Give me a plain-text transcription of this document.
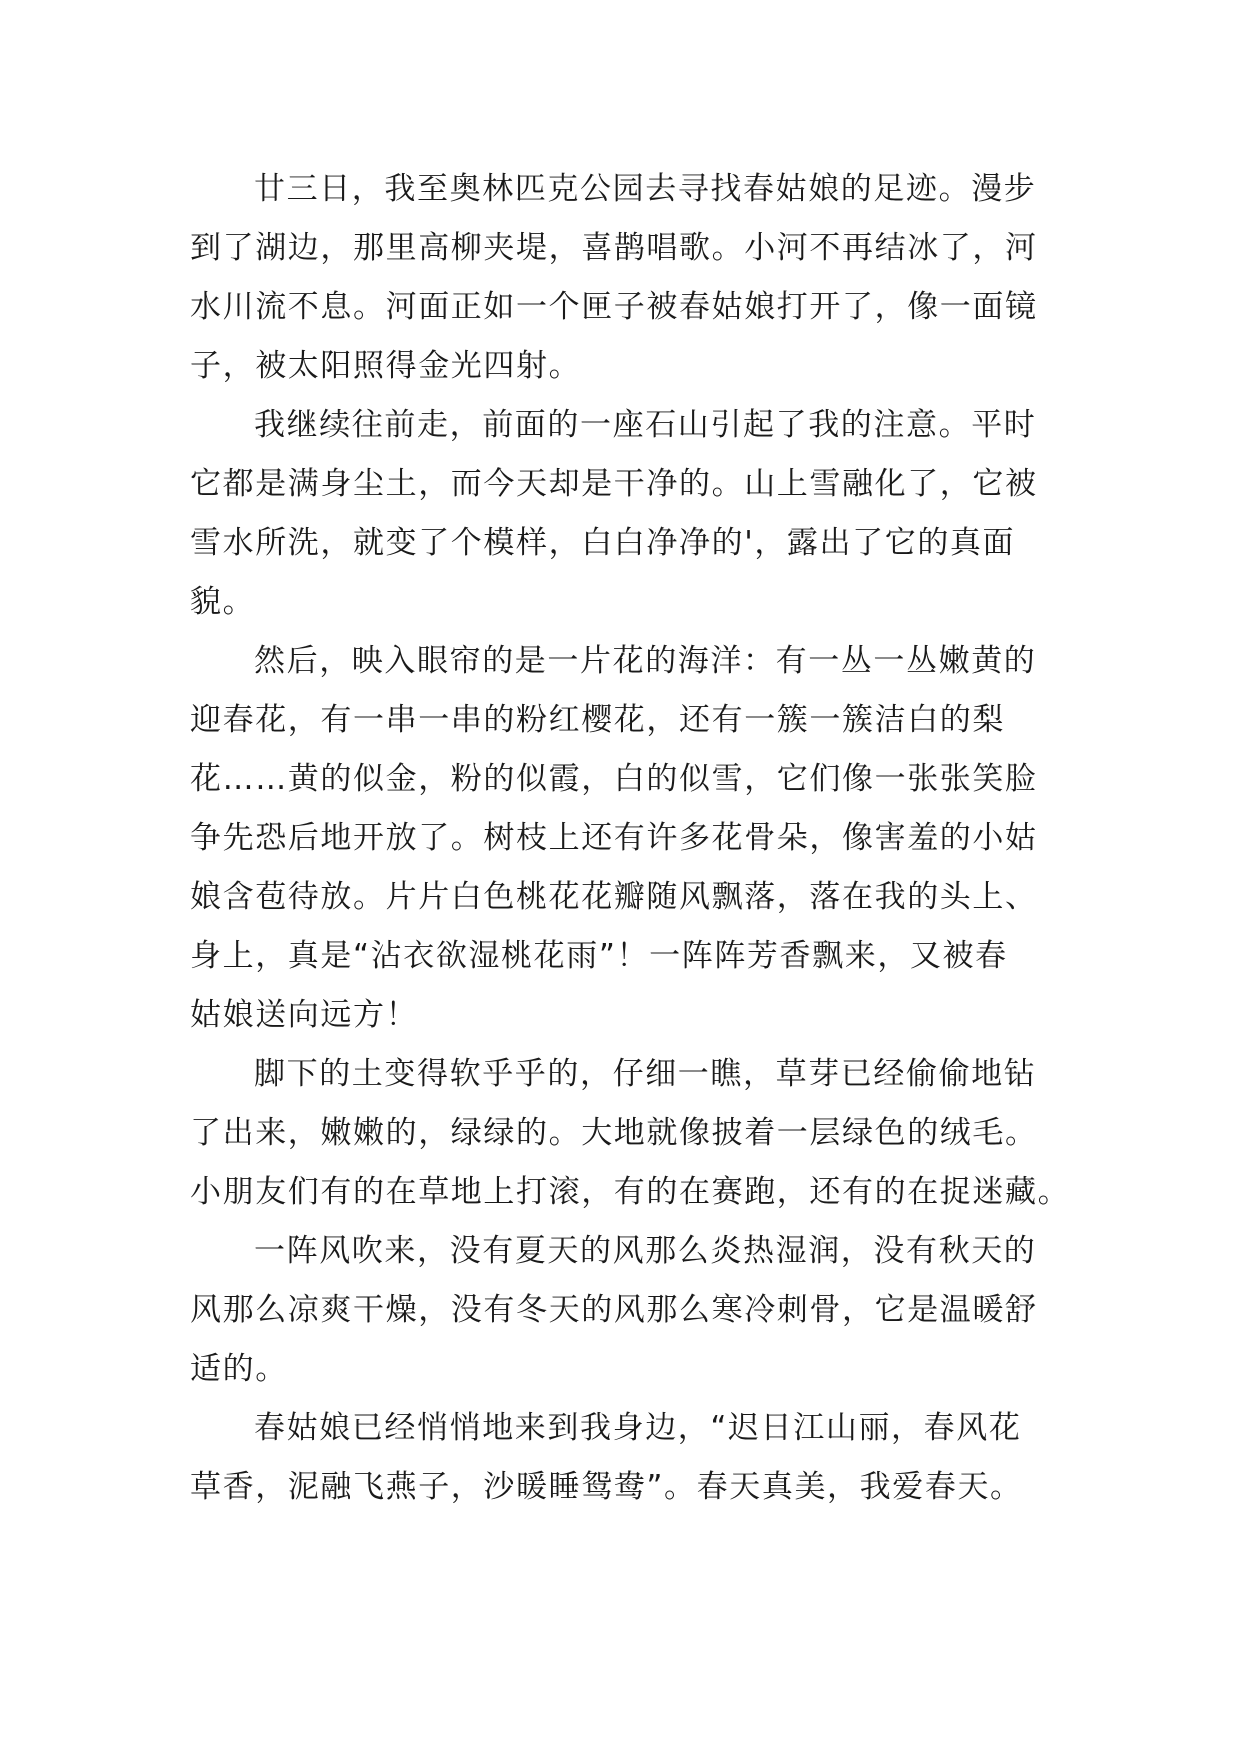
廿三日，我至奥林匹克公园去寻找春姑娘的足迹。漫步
到了湖边，那里高柳夹堤，喜鹊唱歌。小河不再结冰了，河
水川流不息。河面正如一个匣子被春姑娘打开了，像一面镜
子，被太阳照得金光四射。
我继续往前走，前面的一座石山引起了我的注意。平时
它都是满身尘土，而今天却是干净的。山上雪融化了，它被
雪水所洗，就变了个模样，白白净净的'，露出了它的真面
貌。
然后，映入眼帘的是一片花的海洋：有一丛一丛嫩黄的
迎春花，有一串一串的粉红樱花，还有一簇一簇洁白的梨
花……黄的似金，粉的似霞，白的似雪，它们像一张张笑脸
争先恐后地开放了。树枝上还有许多花骨朵，像害羞的小姑
娘含苞待放。片片白色桃花花瓣随风飘落，落在我的头上、
身上，真是“沾衣欲湿桃花雨”！一阵阵芳香飘来，又被春
姑娘送向远方！
脚下的土变得软乎乎的，仔细一瞧，草芽已经偷偷地钻
了出来，嫩嫩的，绿绿的。大地就像披着一层绿色的绒毛。
小朋友们有的在草地上打滚，有的在赛跑，还有的在捉迷藏。
一阵风吹来，没有夏天的风那么炎热湿润，没有秋天的
风那么凉爽干燥，没有冬天的风那么寒冷刺骨，它是温暖舒
适的。
春姑娘已经悄悄地来到我身边，“迟日江山丽，春风花
草香，泥融飞燕子，沙暖睡鸳鸯”。春天真美，我爱春天。
